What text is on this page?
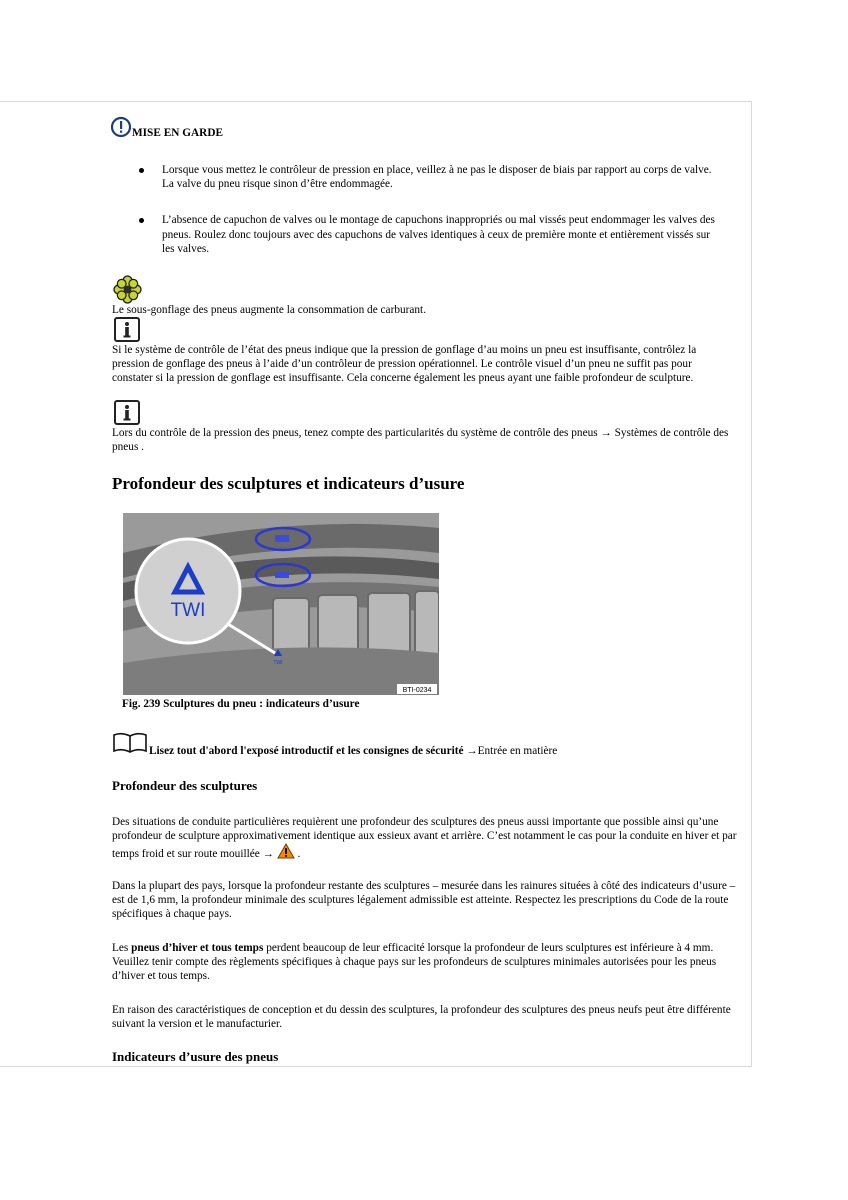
MISE EN GARDE
Lorsque vous mettez le contrôleur de pression en place, veillez à ne pas le disposer de biais par rapport au corps de valve. La valve du pneu risque sinon d’être endommagée.
L’absence de capuchon de valves ou le montage de capuchons inappropriés ou mal vissés peut endommager les valves des pneus. Roulez donc toujours avec des capuchons de valves identiques à ceux de première monte et entièrement vissés sur les valves.
Le sous-gonflage des pneus augmente la consommation de carburant.
Si le système de contrôle de l’état des pneus indique que la pression de gonflage d’au moins un pneu est insuffisante, contrôlez la pression de gonflage des pneus à l’aide d’un contrôleur de pression opérationnel. Le contrôle visuel d’un pneu ne suffit pas pour constater si la pression de gonflage est insuffisante. Cela concerne également les pneus ayant une faible profondeur de sculpture.
Lors du contrôle de la pression des pneus, tenez compte des particularités du système de contrôle des pneus → Systèmes de contrôle des pneus .
Profondeur des sculptures et indicateurs d’usure
TWI
TWI
BTI-0234
Fig. 239 Sculptures du pneu : indicateurs d’usure
Lisez tout d'abord l'exposé introductif et les consignes de sécurité →Entrée en matière
Profondeur des sculptures
Des situations de conduite particulières requièrent une profondeur des sculptures des pneus aussi importante que possible ainsi qu’une profondeur de sculpture approximativement identique aux essieux avant et arrière. C’est notamment le cas pour la conduite en hiver et par temps froid et sur route mouillée →  .
Dans la plupart des pays, lorsque la profondeur restante des sculptures – mesurée dans les rainures situées à côté des indicateurs d’usure – est de 1,6 mm, la profondeur minimale des sculptures légalement admissible est atteinte. Respectez les prescriptions du Code de la route spécifiques à chaque pays.
Les pneus d’hiver et tous temps perdent beaucoup de leur efficacité lorsque la profondeur de leurs sculptures est inférieure à 4 mm. Veuillez tenir compte des règlements spécifiques à chaque pays sur les profondeurs de sculptures minimales autorisées pour les pneus d’hiver et tous temps.
En raison des caractéristiques de conception et du dessin des sculptures, la profondeur des sculptures des pneus neufs peut être différente suivant la version et le manufacturier.
Indicateurs d’usure des pneus
